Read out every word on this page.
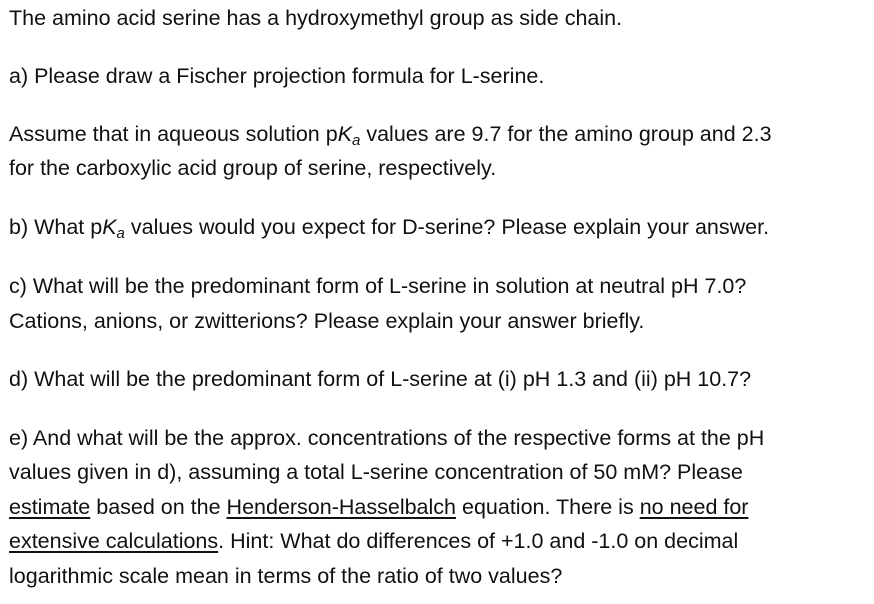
The amino acid serine has a hydroxymethyl group as side chain.
a) Please draw a Fischer projection formula for L-serine.
Assume that in aqueous solution $pK_a$ values are 9.7 for the amino group and 2.3
for the carboxylic acid group of serine, respectively.
b) What $pK_a$ values would you expect for D-serine? Please explain your answer.
c) What will be the predominant form of L-serine in solution at neutral pH 7.0?
Cations, anions, or zwitterions? Please explain your answer briefly.
d) What will be the predominant form of L-serine at (i) pH 1.3 and (ii) pH 10.7?
e) And what will be the approx. concentrations of the respective forms at the pH
values given in d), assuming a total L-serine concentration of 50 mM? Please
estimate based on the Henderson-Hasselbalch equation. There is no need for
extensive calculations. Hint: What do differences of +1.0 and -1.0 on decimal
logarithmic scale mean in terms of the ratio of two values?
